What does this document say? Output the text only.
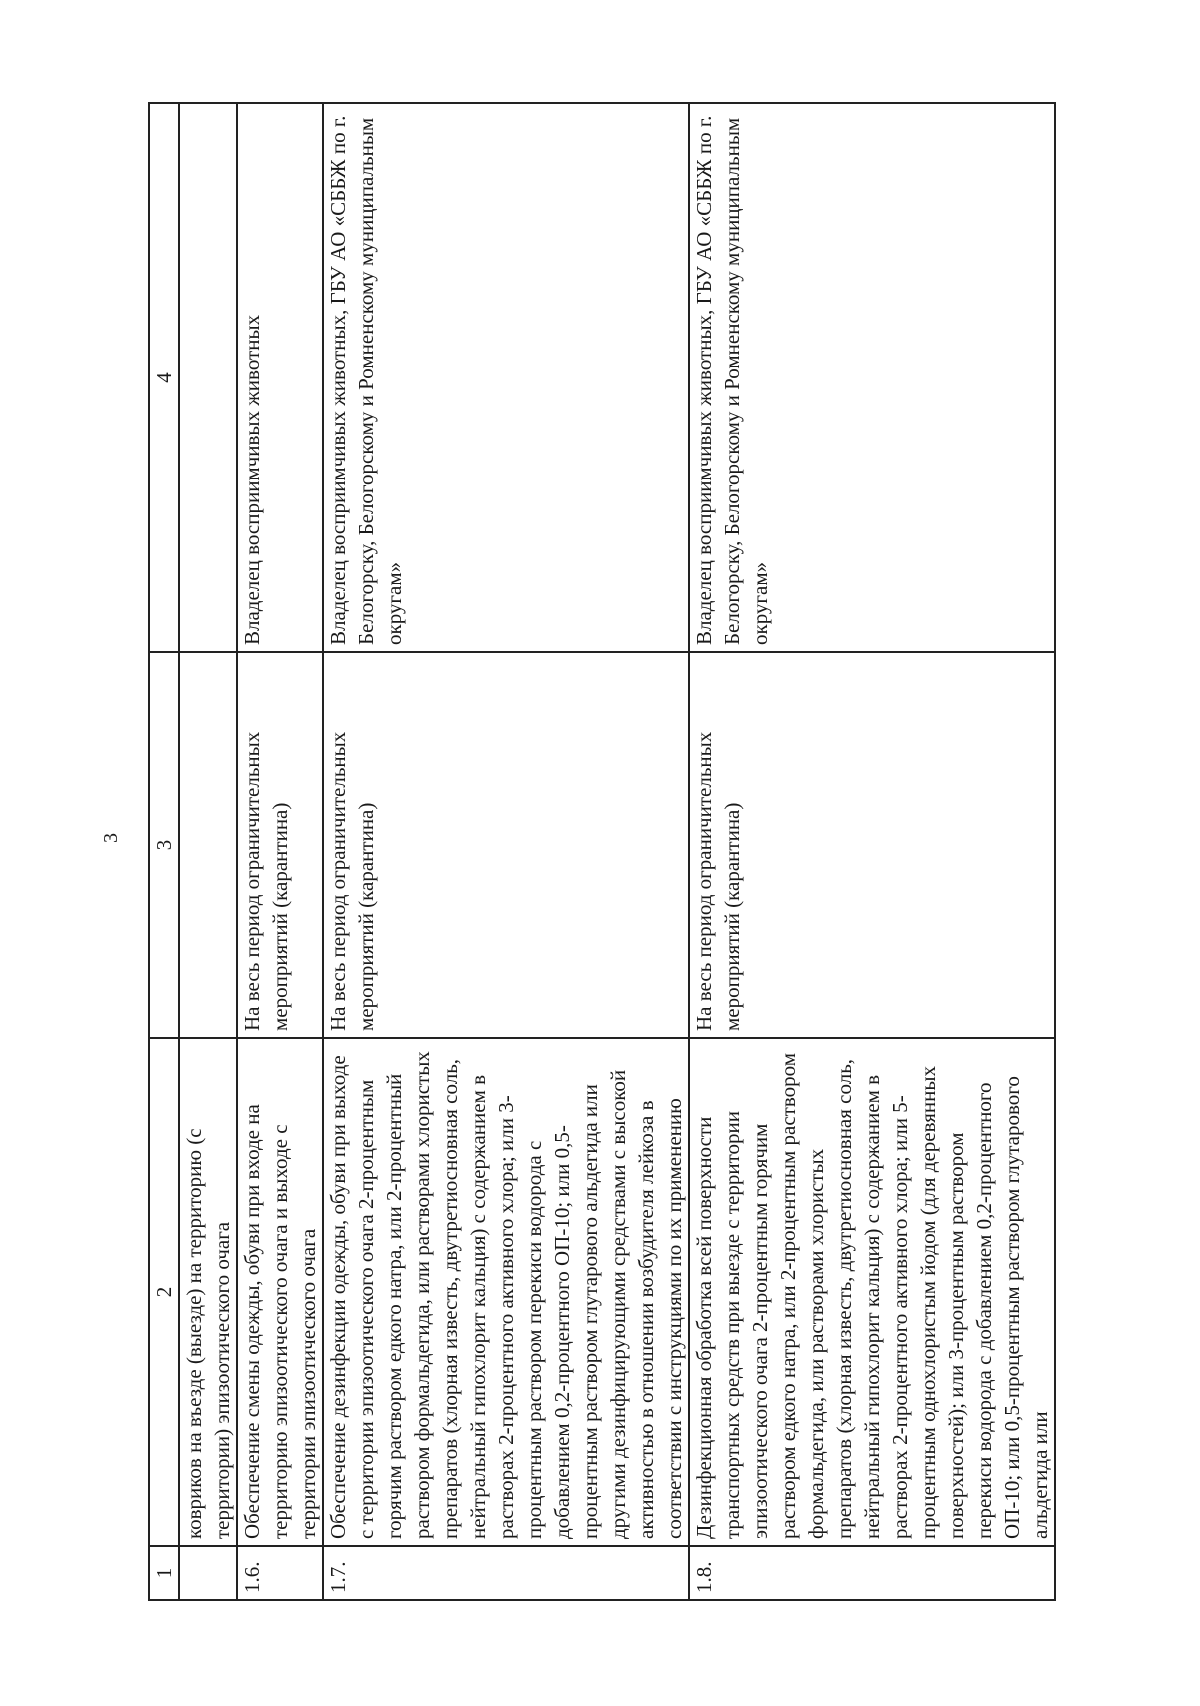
3
1	2	3	4
	ковриков на въезде (выезде) на территорию (с территории) эпизоотического очага		
1.6.	Обеспечение смены одежды, обуви при входе на территорию эпизоотического очага и выходе с территории эпизоотического очага	На весь период ограничительных мероприятий (карантина)	Владелец восприимчивых животных
1.7.	Обеспечение дезинфекции одежды, обуви при выходе с территории эпизоотического очага 2-процентным горячим раствором едкого натра, или 2-процентный раствором формальдегида, или растворами хлористых препаратов (хлорная известь, двутретиосновная соль, нейтральный гипохлорит кальция) с содержанием в растворах 2-процентного активного хлора; или 3-процентным раствором перекиси водорода с добавлением 0,2-процентного ОП-10; или 0,5-процентным раствором глутарового альдегида или другими дезинфицирующими средствами с высокой активностью в отношении возбудителя лейкоза в соответствии с инструкциями по их применению	На весь период ограничительных мероприятий (карантина)	Владелец восприимчивых животных, ГБУ АО «СББЖ по г. Белогорску, Белогорскому и Ромненскому муниципальным округам»
1.8.	Дезинфекционная обработка всей поверхности транспортных средств при выезде с территории эпизоотического очага 2-процентным горячим раствором едкого натра, или 2-процентным раствором формальдегида, или растворами хлористых препаратов (хлорная известь, двутретиосновная соль, нейтральный гипохлорит кальция) с содержанием в растворах 2-процентного активного хлора; или 5-процентным однохлористым йодом (для деревянных поверхностей); или 3-процентным раствором перекиси водорода с добавлением 0,2-процентного ОП-10; или 0,5-процентным раствором глутарового альдегида или	На весь период ограничительных мероприятий (карантина)	Владелец восприимчивых животных, ГБУ АО «СББЖ по г. Белогорску, Белогорскому и Ромненскому муниципальным округам»
